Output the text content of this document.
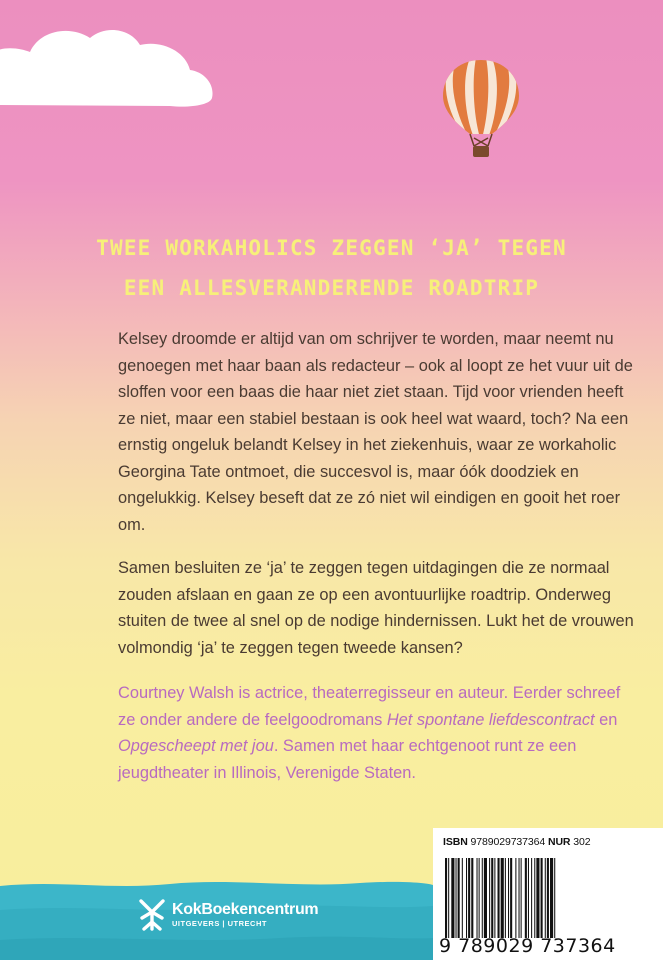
TWEE WORKAHOLICS ZEGGEN ‘JA’ TEGEN
EEN ALLESVERANDERENDE ROADTRIP

Kelsey droomde er altijd van om schrijver te worden, maar neemt nu genoegen met haar baan als redacteur – ook al loopt ze het vuur uit de sloffen voor een baas die haar niet ziet staan. Tijd voor vrienden heeft ze niet, maar een stabiel bestaan is ook heel wat waard, toch? Na een ernstig ongeluk belandt Kelsey in het ziekenhuis, waar ze workaholic Georgina Tate ontmoet, die succesvol is, maar óók doodziek en ongelukkig. Kelsey beseft dat ze zó niet wil eindigen en gooit het roer om.

Samen besluiten ze ‘ja’ te zeggen tegen uitdagingen die ze normaal zouden afslaan en gaan ze op een avontuurlijke roadtrip. Onderweg stuiten de twee al snel op de nodige hindernissen. Lukt het de vrouwen volmondig ‘ja’ te zeggen tegen tweede kansen?

Courtney Walsh is actrice, theaterregisseur en auteur. Eerder schreef ze onder andere de feelgoodromans Het spontane liefdescontract en Opgescheept met jou. Samen met haar echtgenoot runt ze een jeugdtheater in Illinois, Verenigde Staten.

KokBoekencentrum
UITGEVERS | UTRECHT
ISBN 9789029737364 NUR 302
9 789029 737364
